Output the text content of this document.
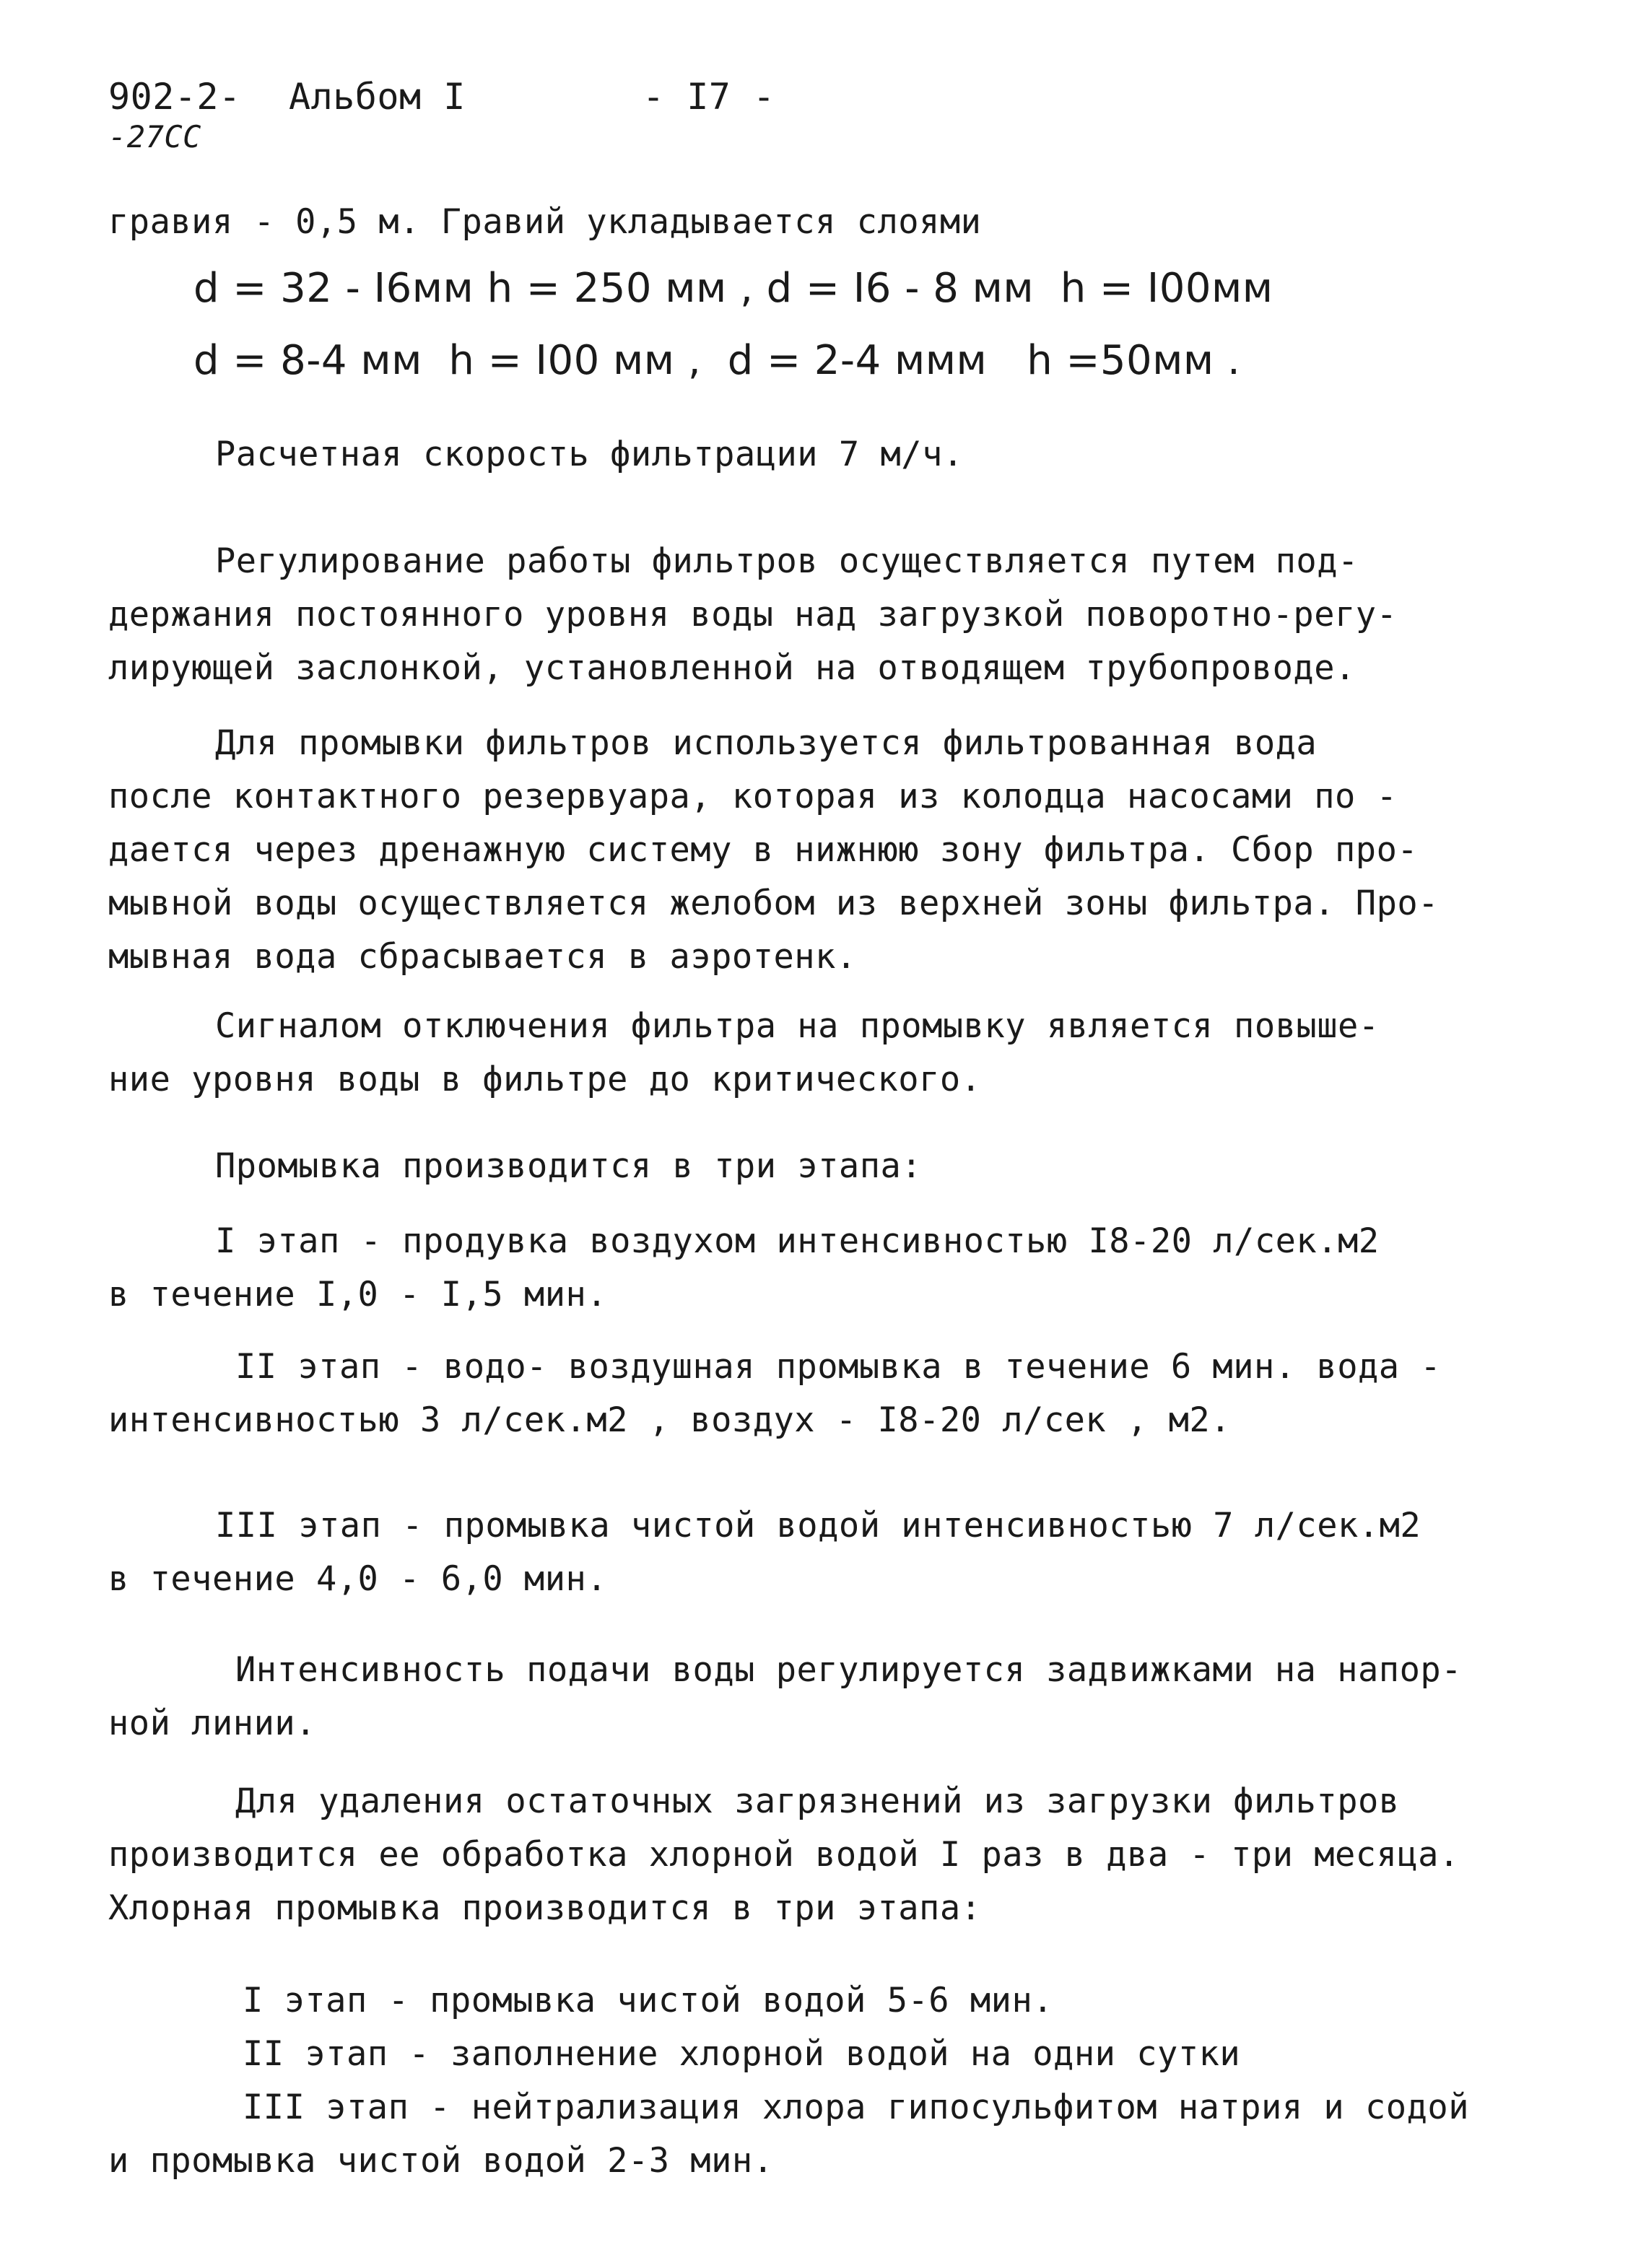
902-2- Альбом I	- I7 -
-27СС
гравия - 0,5 м. Гравий укладывается слоями
d = 32 - I6мм h = 250 мм , d = I6 - 8 мм  h = I00мм
d = 8-4 мм  h = I00 мм ,  d = 2-4 ммм   h =50мм .
Расчетная скорость фильтрации 7 м/ч.
Регулирование работы фильтров осуществляется путем под-
держания постоянного уровня воды над загрузкой поворотно-регу-
лирующей заслонкой, установленной на отводящем трубопроводе.
Для промывки фильтров используется фильтрованная вода
после контактного резервуара, которая из колодца насосами по -
дается через дренажную систему в нижнюю зону фильтра. Сбор про-
мывной воды осуществляется желобом из верхней зоны фильтра. Про-
мывная вода сбрасывается в аэротенк.
Сигналом отключения фильтра на промывку является повыше-
ние уровня воды в фильтре до критического.
Промывка производится в три этапа:
I этап - продувка воздухом интенсивностью I8-20 л/сек.м2
в течение I,0 - I,5 мин.
II этап - водо- воздушная промывка в течение 6 мин. вода -
интенсивностью 3 л/сек.м2 , воздух - I8-20 л/сек , м2.
III этап - промывка чистой водой интенсивностью 7 л/сек.м2
в течение 4,0 - 6,0 мин.
Интенсивность подачи воды регулируется задвижками на напор-
ной линии.
Для удаления остаточных загрязнений из загрузки фильтров
производится ее обработка хлорной водой I раз в два - три месяца.
Хлорная промывка производится в три этапа:
I этап - промывка чистой водой 5-6 мин.
II этап - заполнение хлорной водой на одни сутки
III этап - нейтрализация хлора гипосульфитом натрия и содой
и промывка чистой водой 2-3 мин.
